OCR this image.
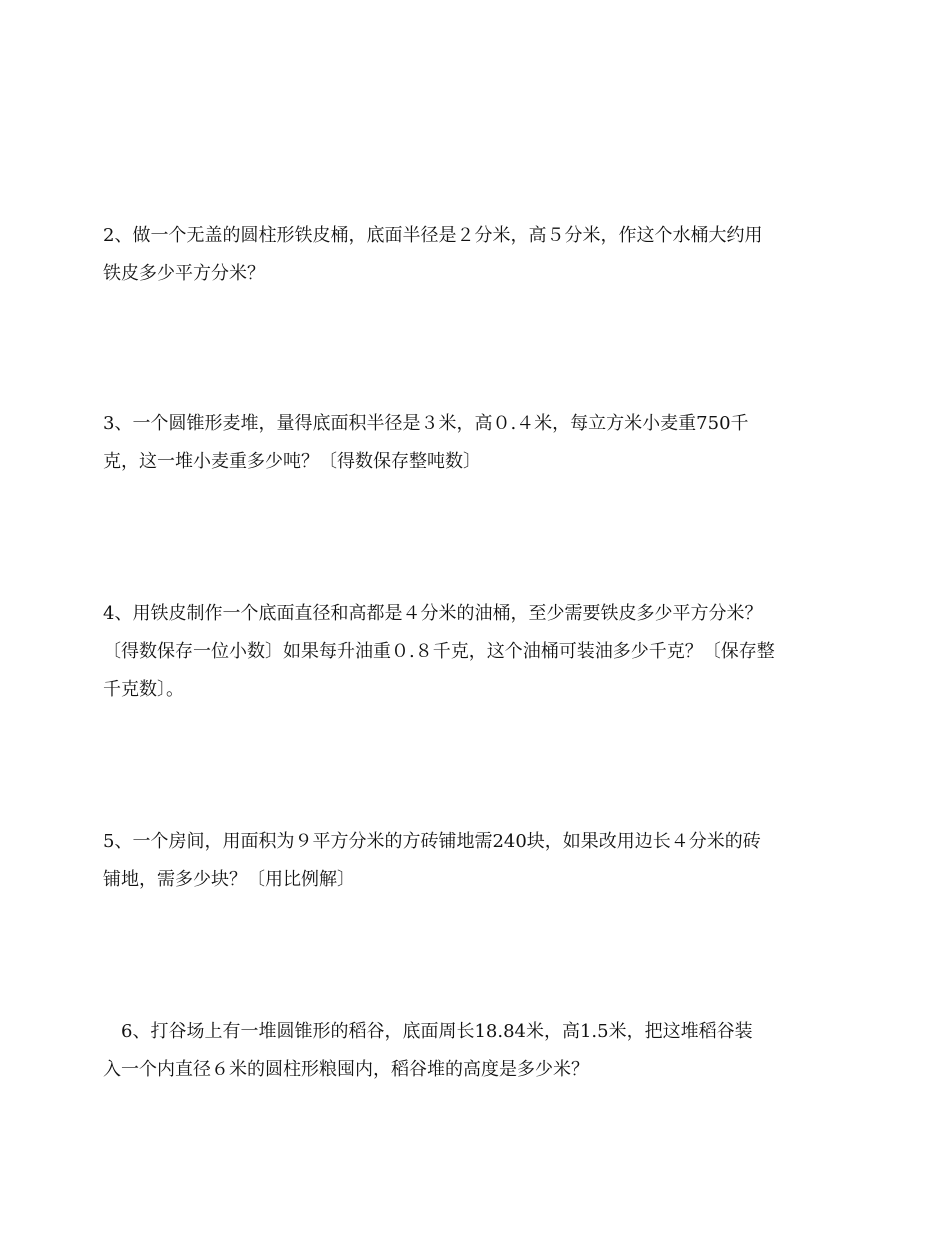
2、做一个无盖的圆柱形铁皮桶，底面半径是２分米，高５分米，作这个水桶大约用
铁皮多少平方分米？

3、一个圆锥形麦堆，量得底面积半径是３米，高０.４米，每立方米小麦重750千
克，这一堆小麦重多少吨？〔得数保存整吨数〕

4、用铁皮制作一个底面直径和高都是４分米的油桶，至少需要铁皮多少平方分米？
〔得数保存一位小数〕如果每升油重０.８千克，这个油桶可装油多少千克？〔保存整
千克数〕。

5、一个房间，用面积为９平方分米的方砖铺地需240块，如果改用边长４分米的砖
铺地，需多少块？〔用比例解〕

6、打谷场上有一堆圆锥形的稻谷，底面周长18.84米，高1.5米，把这堆稻谷装
入一个内直径６米的圆柱形粮囤内，稻谷堆的高度是多少米？
